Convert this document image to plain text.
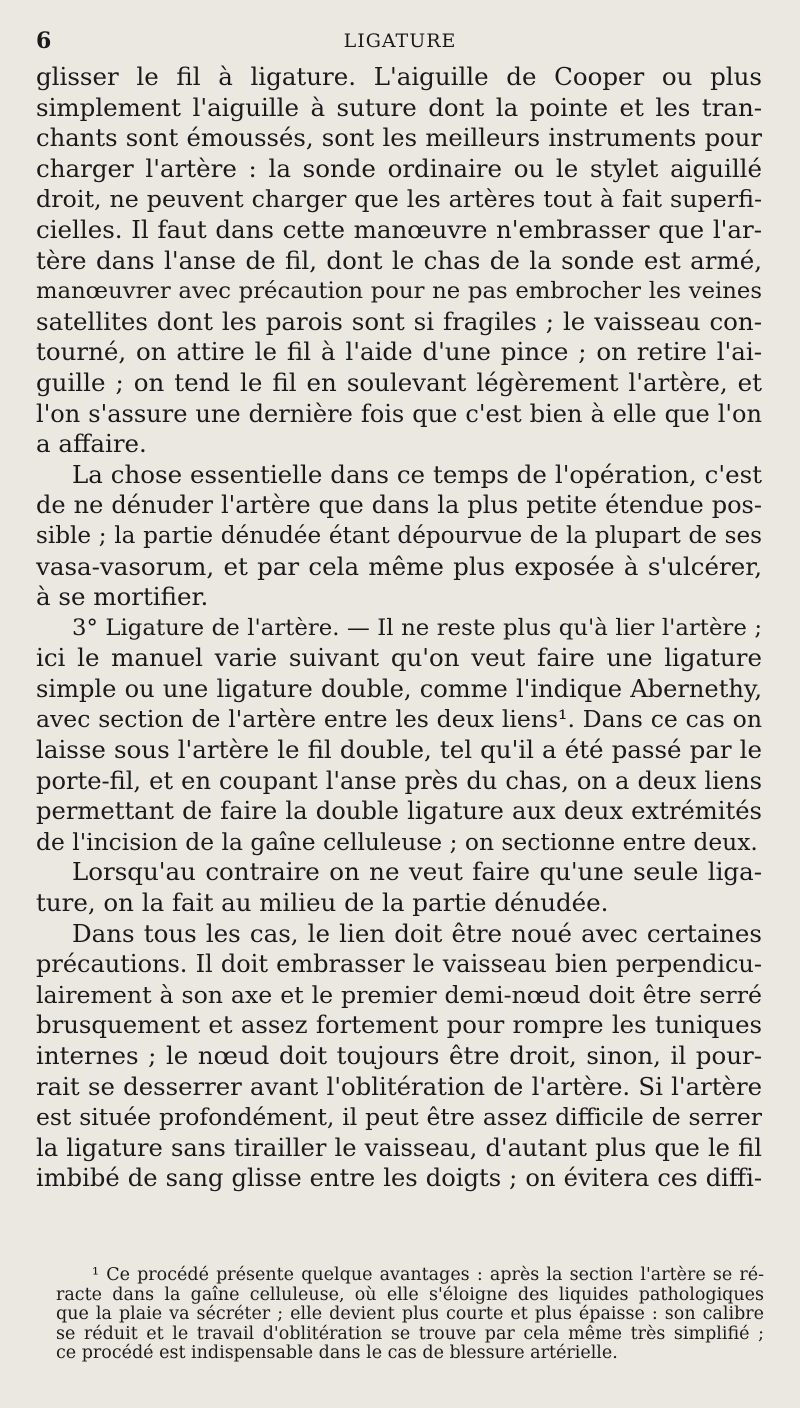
6	LIGATURE

glisser le fil à ligature. L'aiguille de Cooper ou plus
simplement l'aiguille à suture dont la pointe et les tran-
chants sont émoussés, sont les meilleurs instruments pour
charger l'artère : la sonde ordinaire ou le stylet aiguillé
droit, ne peuvent charger que les artères tout à fait superfi-
cielles. Il faut dans cette manœuvre n'embrasser que l'ar-
tère dans l'anse de fil, dont le chas de la sonde est armé,
manœuvrer avec précaution pour ne pas embrocher les veines
satellites dont les parois sont si fragiles ; le vaisseau con-
tourné, on attire le fil à l'aide d'une pince ; on retire l'ai-
guille ; on tend le fil en soulevant légèrement l'artère, et
l'on s'assure une dernière fois que c'est bien à elle que l'on
a affaire.

La chose essentielle dans ce temps de l'opération, c'est
de ne dénuder l'artère que dans la plus petite étendue pos-
sible ; la partie dénudée étant dépourvue de la plupart de ses
vasa-vasorum, et par cela même plus exposée à s'ulcérer,
à se mortifier.

3° Ligature de l'artère. — Il ne reste plus qu'à lier l'artère ;
ici le manuel varie suivant qu'on veut faire une ligature
simple ou une ligature double, comme l'indique Abernethy,
avec section de l'artère entre les deux liens¹. Dans ce cas on
laisse sous l'artère le fil double, tel qu'il a été passé par le
porte-fil, et en coupant l'anse près du chas, on a deux liens
permettant de faire la double ligature aux deux extrémités
de l'incision de la gaîne celluleuse ; on sectionne entre deux.

Lorsqu'au contraire on ne veut faire qu'une seule liga-
ture, on la fait au milieu de la partie dénudée.

Dans tous les cas, le lien doit être noué avec certaines
précautions. Il doit embrasser le vaisseau bien perpendicu-
lairement à son axe et le premier demi-nœud doit être serré
brusquement et assez fortement pour rompre les tuniques
internes ; le nœud doit toujours être droit, sinon, il pour-
rait se desserrer avant l'oblitération de l'artère. Si l'artère
est située profondément, il peut être assez difficile de serrer
la ligature sans tirailler le vaisseau, d'autant plus que le fil
imbibé de sang glisse entre les doigts ; on évitera ces diffi-

¹ Ce procédé présente quelque avantages : après la section l'artère se ré-
racte dans la gaîne celluleuse, où elle s'éloigne des liquides pathologiques
que la plaie va sécréter ; elle devient plus courte et plus épaisse : son calibre
se réduit et le travail d'oblitération se trouve par cela même très simplifié ;
ce procédé est indispensable dans le cas de blessure artérielle.
